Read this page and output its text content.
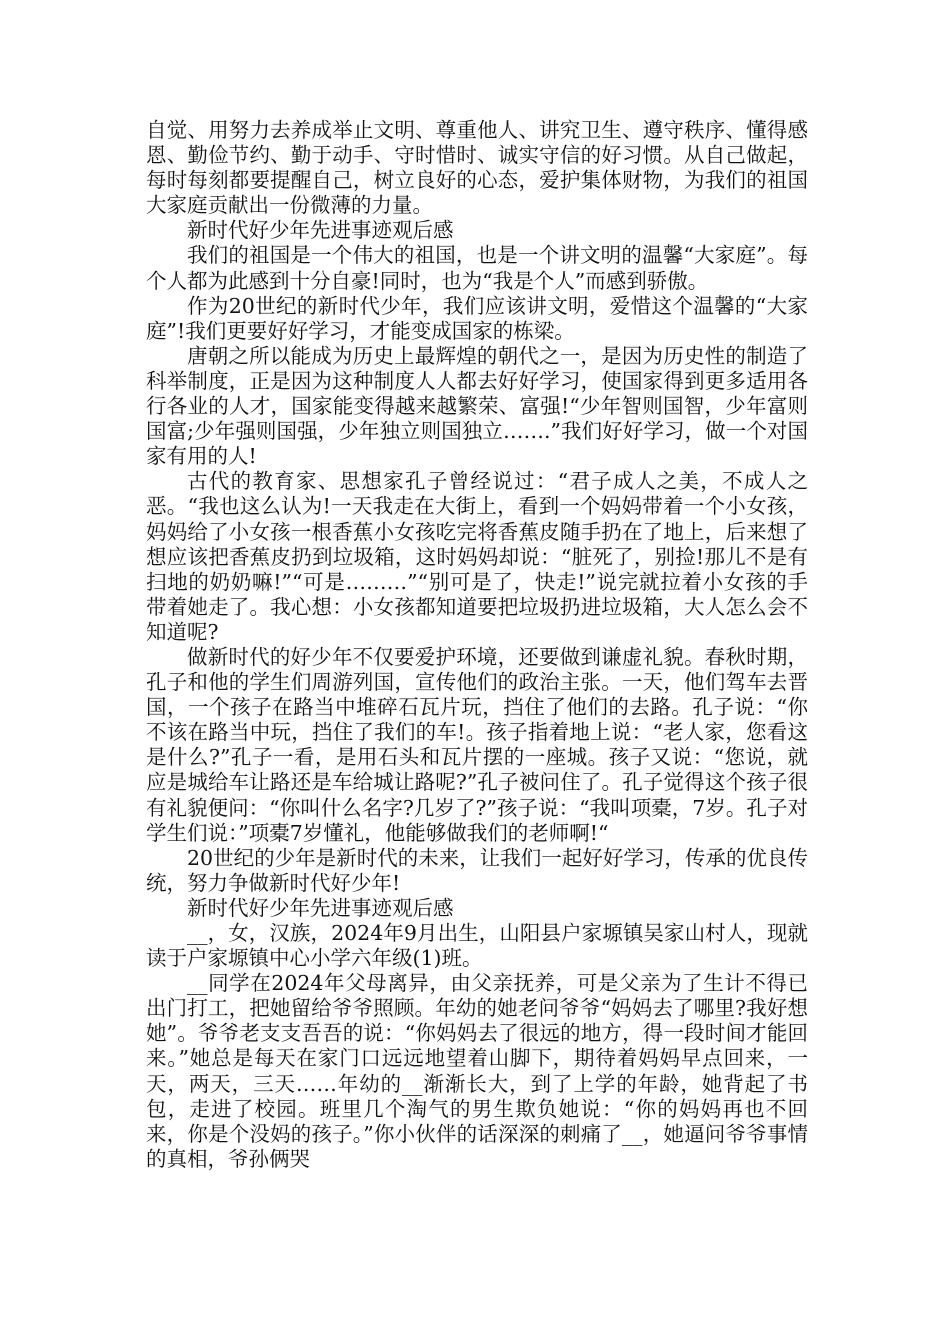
自觉、用努力去养成举止文明、尊重他人、讲究卫生、遵守秩序、懂得感恩、勤俭节约、勤于动手、守时惜时、诚实守信的好习惯。从自己做起，每时每刻都要提醒自己，树立良好的心态，爱护集体财物，为我们的祖国大家庭贡献出一份微薄的力量。

新时代好少年先进事迹观后感

我们的祖国是一个伟大的祖国，也是一个讲文明的温馨“大家庭”。每个人都为此感到十分自豪!同时，也为“我是个人”而感到骄傲。

作为20世纪的新时代少年，我们应该讲文明，爱惜这个温馨的“大家庭”!我们更要好好学习，才能变成国家的栋梁。

唐朝之所以能成为历史上最辉煌的朝代之一，是因为历史性的制造了科举制度，正是因为这种制度人人都去好好学习，使国家得到更多适用各行各业的人才，国家能变得越来越繁荣、富强!“少年智则国智，少年富则国富;少年强则国强，少年独立则国独立…….”我们好好学习，做一个对国家有用的人!

古代的教育家、思想家孔子曾经说过：“君子成人之美，不成人之恶。“我也这么认为!一天我走在大街上，看到一个妈妈带着一个小女孩，妈妈给了小女孩一根香蕉小女孩吃完将香蕉皮随手扔在了地上，后来想了想应该把香蕉皮扔到垃圾箱，这时妈妈却说：“脏死了，别捡!那儿不是有扫地的奶奶嘛!”“可是………”“别可是了，快走!”说完就拉着小女孩的手带着她走了。我心想：小女孩都知道要把垃圾扔进垃圾箱，大人怎么会不知道呢?

做新时代的好少年不仅要爱护环境，还要做到谦虚礼貌。春秋时期，孔子和他的学生们周游列国，宣传他们的政治主张。一天，他们驾车去晋国，一个孩子在路当中堆碎石瓦片玩，挡住了他们的去路。孔子说：“你不该在路当中玩，挡住了我们的车!。孩子指着地上说：“老人家，您看这是什么?”孔子一看，是用石头和瓦片摆的一座城。孩子又说：“您说，就应是城给车让路还是车给城让路呢?”孔子被问住了。孔子觉得这个孩子很有礼貌便问：“你叫什么名字?几岁了?”孩子说：“我叫项橐，7岁。孔子对学生们说：”项橐7岁懂礼，他能够做我们的老师啊!“

20世纪的少年是新时代的未来，让我们一起好好学习，传承的优良传统，努力争做新时代好少年!

新时代好少年先进事迹观后感

__，女，汉族，2024年9月出生，山阳县户家塬镇吴家山村人，现就读于户家塬镇中心小学六年级(1)班。

__同学在2024年父母离异，由父亲抚养，可是父亲为了生计不得已出门打工，把她留给爷爷照顾。年幼的她老问爷爷“妈妈去了哪里?我好想她”。爷爷老支支吾吾的说：“你妈妈去了很远的地方，得一段时间才能回来。”她总是每天在家门口远远地望着山脚下，期待着妈妈早点回来，一天，两天，三天……年幼的__渐渐长大，到了上学的年龄，她背起了书包，走进了校园。班里几个淘气的男生欺负她说：“你的妈妈再也不回来，你是个没妈的孩子。”你小伙伴的话深深的刺痛了__，她逼问爷爷事情的真相，爷孙俩哭
